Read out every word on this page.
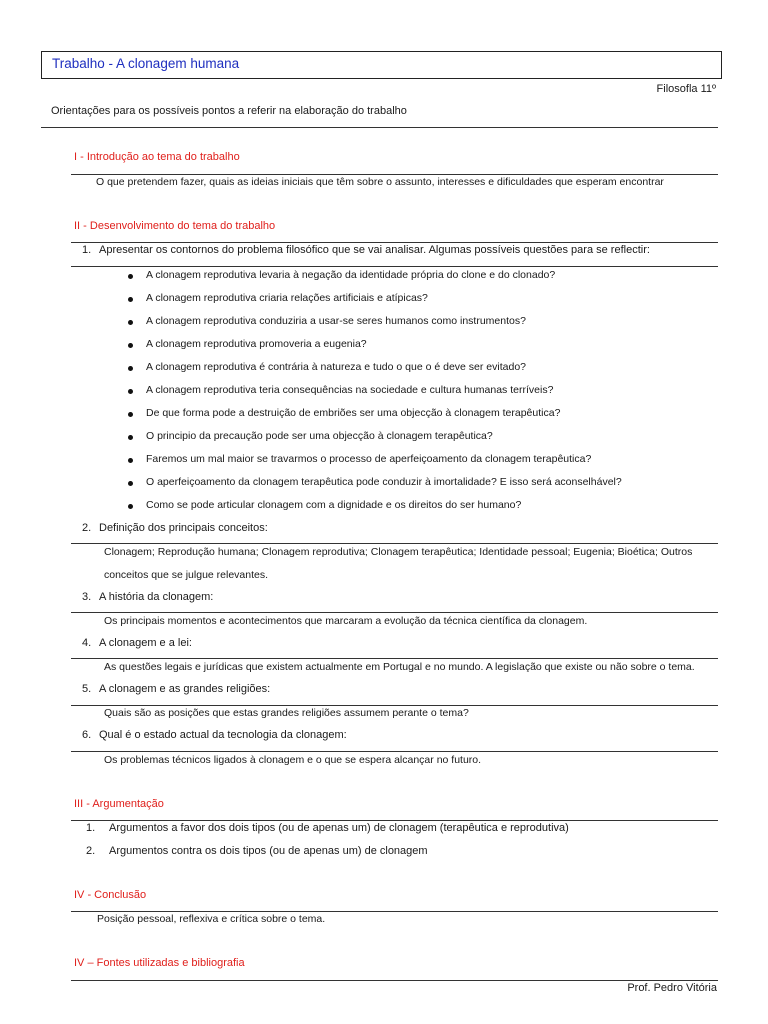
Trabalho - A clonagem humana
Filosofla 11º
Orientações para os possíveis pontos a referir na elaboração do trabalho
I - Introdução ao tema do trabalho
O que pretendem fazer, quais as ideias iniciais que têm sobre o assunto, interesses e dificuldades que esperam encontrar
II - Desenvolvimento do tema do trabalho
1. Apresentar os contornos do problema filosófico que se vai analisar. Algumas possíveis questões para se reflectir:
A clonagem reprodutiva levaria à negação da identidade própria do clone e do clonado?
A clonagem reprodutiva criaria relações artificiais e atípicas?
A clonagem reprodutiva conduziria a usar-se seres humanos como instrumentos?
A clonagem reprodutiva promoveria a eugenia?
A clonagem reprodutiva é contrária à natureza e tudo o que o é deve ser evitado?
A clonagem reprodutiva teria consequências na sociedade e cultura humanas terríveis?
De que forma pode a destruição de embriões ser uma objecção à clonagem terapêutica?
O principio da precaução pode ser uma objecção à clonagem terapêutica?
Faremos um mal maior se travarmos o processo de aperfeiçoamento da clonagem terapêutica?
O aperfeiçoamento da clonagem terapêutica pode conduzir à imortalidade? E isso será aconselhável?
Como se pode articular clonagem com a dignidade e os direitos do ser humano?
2. Definição dos principais conceitos:
Clonagem; Reprodução humana; Clonagem reprodutiva; Clonagem terapêutica; Identidade pessoal; Eugenia; Bioética; Outros
conceitos que se julgue relevantes.
3. A história da clonagem:
Os principais momentos e acontecimentos que marcaram a evolução da técnica científica da clonagem.
4. A clonagem e a lei:
As questões legais e jurídicas que existem actualmente em Portugal e no mundo. A legislação que existe ou não sobre o tema.
5. A clonagem e as grandes religiões:
Quais são as posições que estas grandes religiões assumem perante o tema?
6. Qual é o estado actual da tecnologia da clonagem:
Os problemas técnicos ligados à clonagem e o que se espera alcançar no futuro.
III - Argumentação
1. Argumentos a favor dos dois tipos (ou de apenas um) de clonagem (terapêutica e reprodutiva)
2. Argumentos contra os dois tipos (ou de apenas um) de clonagem
IV - Conclusão
Posição pessoal, reflexiva e crítica sobre o tema.
IV – Fontes utilizadas e bibliografia
Prof. Pedro Vitória
